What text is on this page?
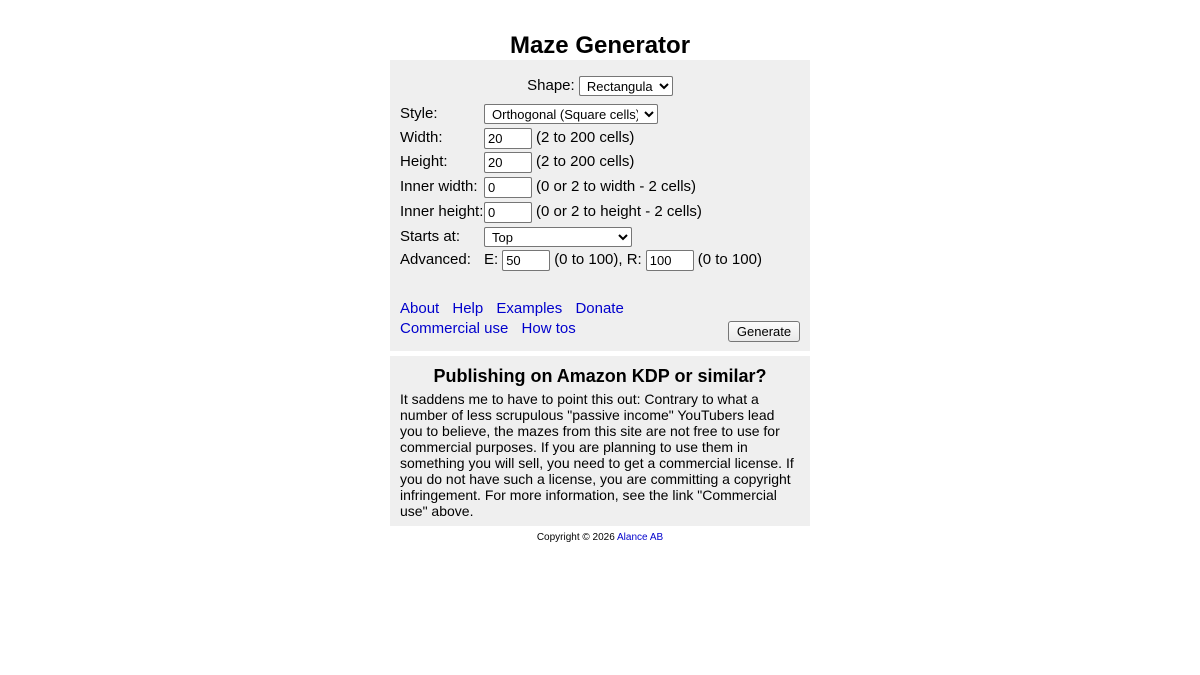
Maze Generator
Shape:
Rectangular
Style:
Orthogonal (Square cells)
Width:
20	(2 to 200 cells)
Height:
20	(2 to 200 cells)
Inner width:
0	(0 or 2 to width - 2 cells)
Inner height:
0	(0 or 2 to height - 2 cells)
Starts at:
Top
Advanced: E:
50	(0 to 100), R:
100	(0 to 100)
About Help Examples Donate
Commercial use How tos	Generate
Publishing on Amazon KDP or similar?

It saddens me to have to point this out: Contrary to what a number of less scrupulous "passive income" YouTubers lead you to believe, the mazes from this site are not free to use for commercial purposes. If you are planning to use them in something you will sell, you need to get a commercial license. If you do not have such a license, you are committing a copyright infringement. For more information, see the link "Commercial use" above.

Copyright © 2026 Alance AB
